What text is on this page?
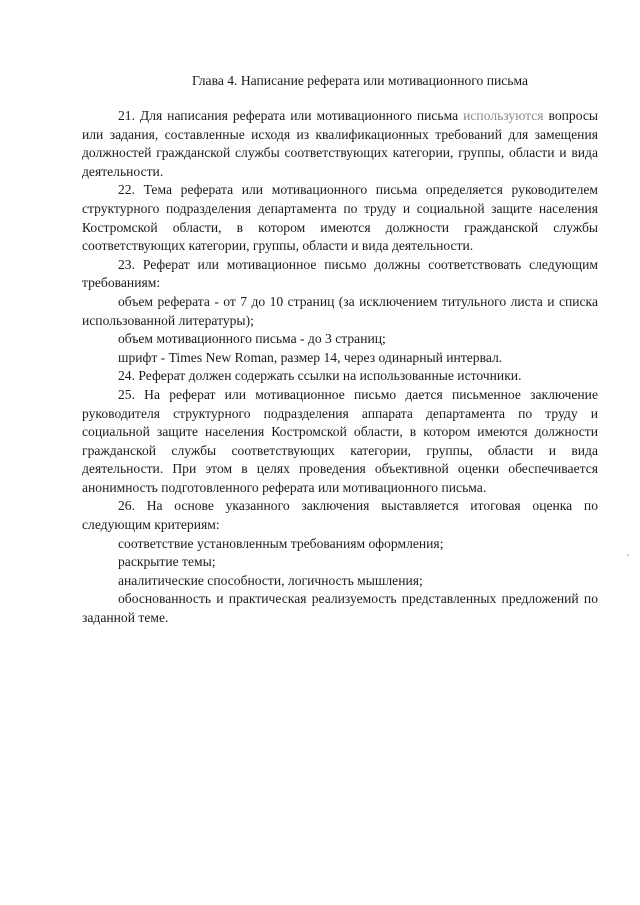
Глава 4. Написание реферата или мотивационного письма

21. Для написания реферата или мотивационного письма используются вопросы или задания, составленные исходя из квалификационных требований для замещения должностей гражданской службы соответствующих категории, группы, области и вида деятельности.

22. Тема реферата или мотивационного письма определяется руководителем структурного подразделения департамента по труду и социальной защите населения Костромской области, в котором имеются должности гражданской службы соответствующих категории, группы, области и вида деятельности.

23. Реферат или мотивационное письмо должны соответствовать следующим требованиям:

объем реферата - от 7 до 10 страниц (за исключением титульного листа и списка использованной литературы);

объем мотивационного письма - до 3 страниц;

шрифт - Times New Roman, размер 14, через одинарный интервал.

24. Реферат должен содержать ссылки на использованные источники.

25. На реферат или мотивационное письмо дается письменное заключение руководителя структурного подразделения аппарата департамента по труду и социальной защите населения Костромской области, в котором имеются должности гражданской службы соответствующих категории, группы, области и вида деятельности. При этом в целях проведения объективной оценки обеспечивается анонимность подготовленного реферата или мотивационного письма.

26. На основе указанного заключения выставляется итоговая оценка по следующим критериям:

соответствие установленным требованиям оформления;

раскрытие темы;

аналитические способности, логичность мышления;

обоснованность и практическая реализуемость представленных предложений по заданной теме.
